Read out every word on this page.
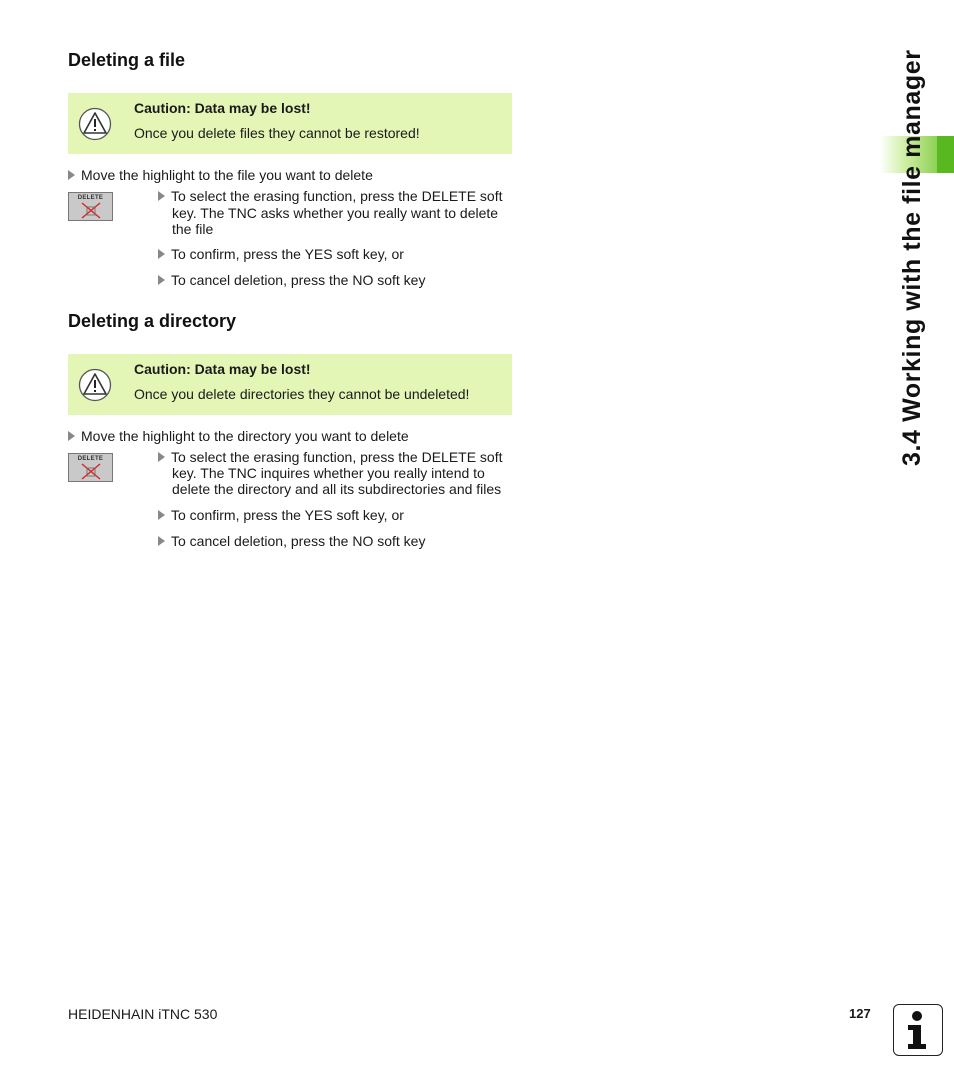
3.4 Working with the file manager
Deleting a file
Caution: Data may be lost!
Once you delete files they cannot be restored!
Move the highlight to the file you want to delete
DELETE	To select the erasing function, press the DELETE soft
key. The TNC asks whether you really want to delete
the file
To confirm, press the YES soft key, or
To cancel deletion, press the NO soft key
Deleting a directory
Caution: Data may be lost!
Once you delete directories they cannot be undeleted!
Move the highlight to the directory you want to delete
DELETE	To select the erasing function, press the DELETE soft
key. The TNC inquires whether you really intend to
delete the directory and all its subdirectories and files
To confirm, press the YES soft key, or
To cancel deletion, press the NO soft key
HEIDENHAIN iTNC 530	127
